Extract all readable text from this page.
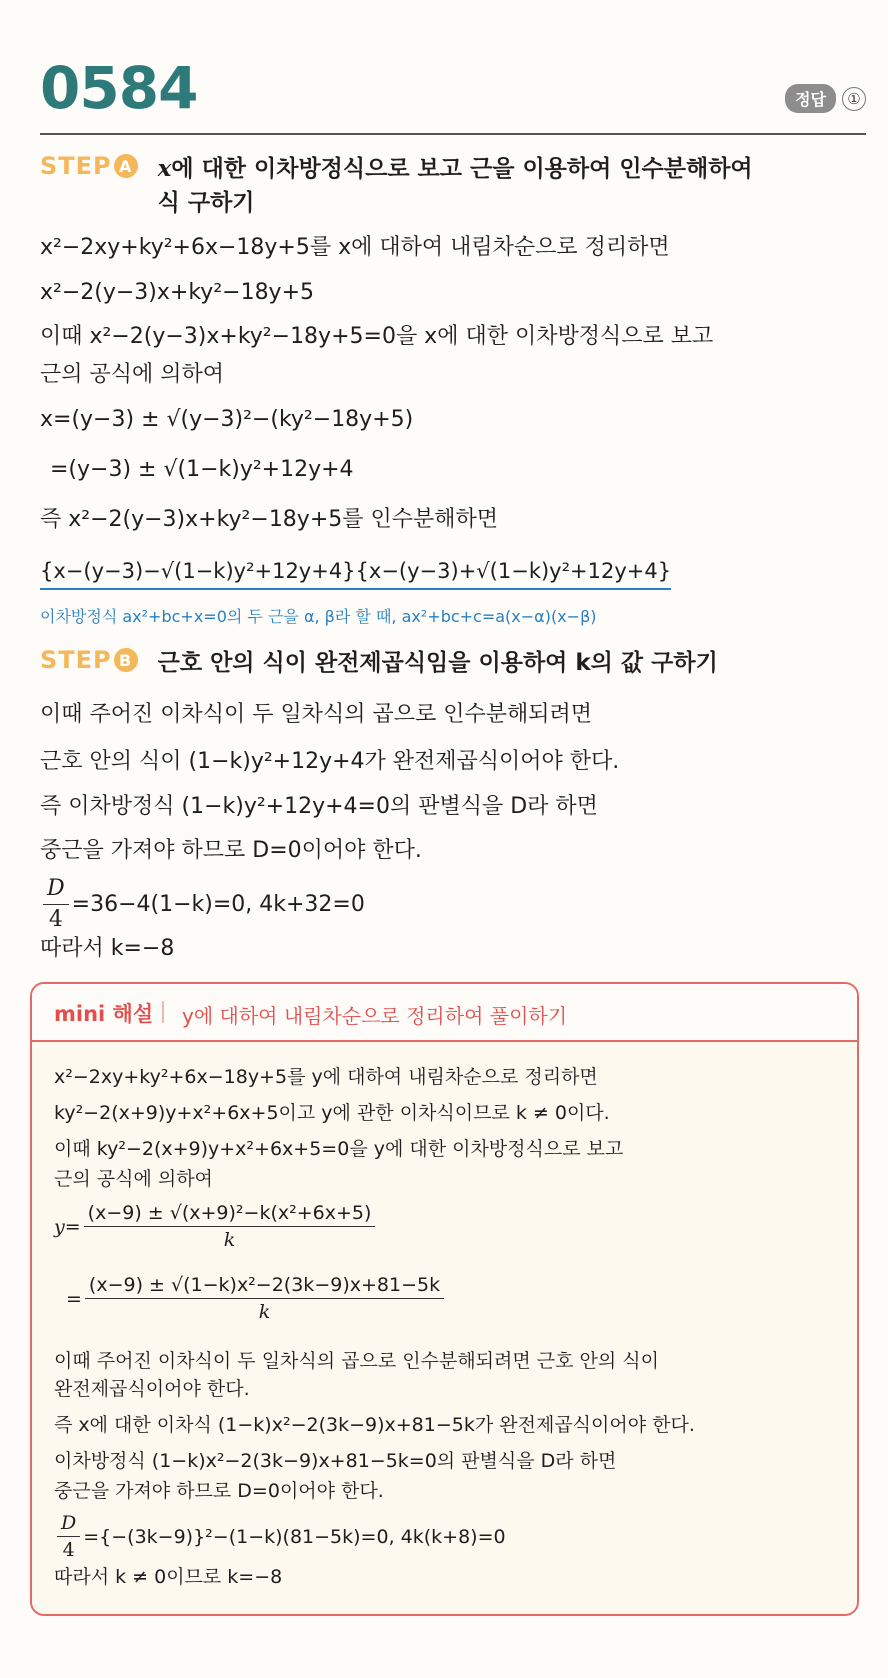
0584	정답	①
STEP A x에 대한 이차방정식으로 보고 근을 이용하여 인수분해하여 식 구하기
x²−2xy+ky²+6x−18y+5를 x에 대하여 내림차순으로 정리하면
x²−2(y−3)x+ky²−18y+5
이때 x²−2(y−3)x+ky²−18y+5=0을 x에 대한 이차방정식으로 보고
근의 공식에 의하여
x=(y−3) ± √(y−3)²−(ky²−18y+5)
=(y−3) ± √(1−k)y²+12y+4
즉 x²−2(y−3)x+ky²−18y+5를 인수분해하면
{x−(y−3)−√(1−k)y²+12y+4}{x−(y−3)+√(1−k)y²+12y+4}
이차방정식 ax²+bc+x=0의 두 근을 α, β라 할 때, ax²+bc+c=a(x−α)(x−β)
STEP B 근호 안의 식이 완전제곱식임을 이용하여 k의 값 구하기
이때 주어진 이차식이 두 일차식의 곱으로 인수분해되려면
근호 안의 식이 (1−k)y²+12y+4가 완전제곱식이어야 한다.
즉 이차방정식 (1−k)y²+12y+4=0의 판별식을 D라 하면
중근을 가져야 하므로 D=0이어야 한다.
$\frac{D}{4} =36-4(1-k)=0$, 4k+32=0
따라서 k=−8
mini 해설 y에 대하여 내림차순으로 정리하여 풀이하기
x²−2xy+ky²+6x−18y+5를 y에 대하여 내림차순으로 정리하면
ky²−2(x+9)y+x²+6x+5이고 y에 관한 이차식이므로 k ≠ 0이다.
이때 ky²−2(x+9)y+x²+6x+5=0을 y에 대한 이차방정식으로 보고
근의 공식에 의하여
$y= \frac{\text{(x−9) ± √(x+9)²−k(x²+6x+5)}}{k}$
= $\frac{\text{(x−9) ± √(1−k)x²−2(3k−9)x+81−5k}}{k}$
이때 주어진 이차식이 두 일차식의 곱으로 인수분해되려면 근호 안의 식이
완전제곱식이어야 한다.
즉 x에 대한 이차식 (1−k)x²−2(3k−9)x+81−5k가 완전제곱식이어야 한다.
이차방정식 (1−k)x²−2(3k−9)x+81−5k=0의 판별식을 D라 하면
중근을 가져야 하므로 D=0이어야 한다.
$\frac{D}{4} =\{-(3k-9)\}^2-(1-k)(81-5k)=0$, 4k(k+8)=0
따라서 k ≠ 0이므로 k=−8
